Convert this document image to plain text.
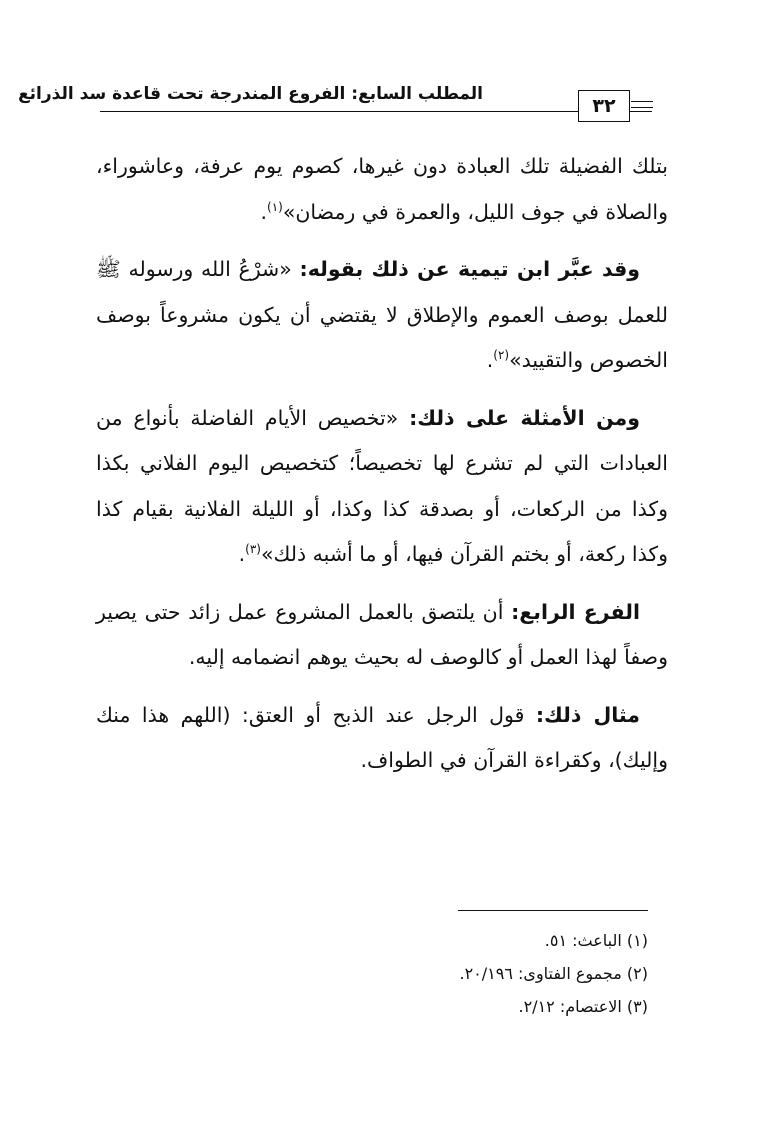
المطلب السابع: الفروع المندرجة تحت قاعدة سد الذرائع
٣٢

بتلك الفضيلة تلك العبادة دون غيرها، كصوم يوم عرفة، وعاشوراء، والصلاة في جوف الليل، والعمرة في رمضان»$^{(١)}$.

وقد عبَّر ابن تيمية عن ذلك بقوله: «شرْعُ الله ورسوله ﷺ للعمل بوصف العموم والإطلاق لا يقتضي أن يكون مشروعاً بوصف الخصوص والتقييد»$^{(٢)}$.

ومن الأمثلة على ذلك: «تخصيص الأيام الفاضلة بأنواع من العبادات التي لم تشرع لها تخصيصاً؛ كتخصيص اليوم الفلاني بكذا وكذا من الركعات، أو بصدقة كذا وكذا، أو الليلة الفلانية بقيام كذا وكذا ركعة، أو بختم القرآن فيها، أو ما أشبه ذلك»$^{(٣)}$.

الفرع الرابع: أن يلتصق بالعمل المشروع عمل زائد حتى يصير وصفاً لهذا العمل أو كالوصف له بحيث يوهم انضمامه إليه.

مثال ذلك: قول الرجل عند الذبح أو العتق: (اللهم هذا منك وإليك)، وكقراءة القرآن في الطواف.

(١) الباعث: ٥١.
(٢) مجموع الفتاوى: ٢٠/١٩٦.
(٣) الاعتصام: ٢/١٢.
